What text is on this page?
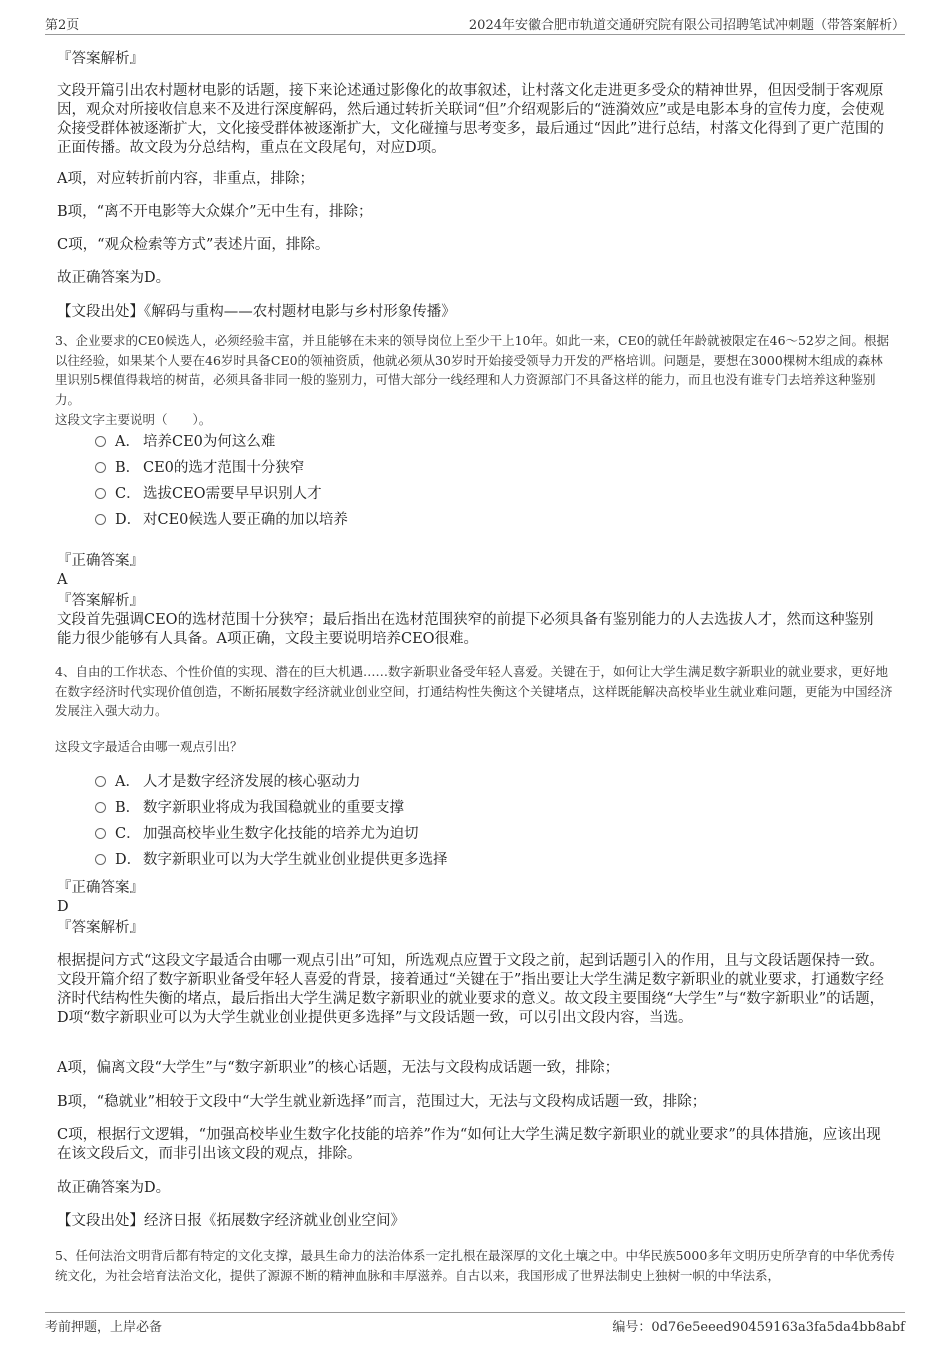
第2页	2024年安徽合肥市轨道交通研究院有限公司招聘笔试冲刺题（带答案解析）
『答案解析』
文段开篇引出农村题材电影的话题，接下来论述通过影像化的故事叙述，让村落文化走进更多受众的精神世界，但因受制于客观原因，观众对所接收信息来不及进行深度解码，然后通过转折关联词“但”介绍观影后的“涟漪效应”或是电影本身的宣传力度，会使观众接受群体被逐渐扩大，文化接受群体被逐渐扩大，文化碰撞与思考变多，最后通过“因此”进行总结，村落文化得到了更广范围的正面传播。故文段为分总结构，重点在文段尾句，对应D项。
A项，对应转折前内容，非重点，排除；
B项，“离不开电影等大众媒介”无中生有，排除；
C项，“观众检索等方式”表述片面，排除。
故正确答案为D。
【文段出处】《解码与重构——农村题材电影与乡村形象传播》
3、企业要求的CE0候选人，必须经验丰富，并且能够在未来的领导岗位上至少干上10年。如此一来，CE0的就任年龄就被限定在46～52岁之间。根据以往经验，如果某个人要在46岁时具备CE0的领袖资质，他就必须从30岁时开始接受领导力开发的严格培训。问题是，要想在3000棵树木组成的森林里识别5棵值得栽培的树苗，必须具备非同一般的鉴别力，可惜大部分一线经理和人力资源部门不具备这样的能力，而且也没有谁专门去培养这种鉴别力。
这段文字主要说明（　　）。
A． 培养CE0为何这么难
B． CE0的选才范围十分狭窄
C． 选拔CEO需要早早识别人才
D． 对CE0候选人要正确的加以培养
『正确答案』
A
『答案解析』
文段首先强调CEO的选材范围十分狭窄；最后指出在选材范围狭窄的前提下必须具备有鉴别能力的人去选拔人才，然而这种鉴别能力很少能够有人具备。A项正确，文段主要说明培养CEO很难。
4、自由的工作状态、个性价值的实现、潜在的巨大机遇……数字新职业备受年轻人喜爱。关键在于，如何让大学生满足数字新职业的就业要求，更好地在数字经济时代实现价值创造，不断拓展数字经济就业创业空间，打通结构性失衡这个关键堵点，这样既能解决高校毕业生就业难问题，更能为中国经济发展注入强大动力。
这段文字最适合由哪一观点引出？
A． 人才是数字经济发展的核心驱动力
B． 数字新职业将成为我国稳就业的重要支撑
C． 加强高校毕业生数字化技能的培养尤为迫切
D． 数字新职业可以为大学生就业创业提供更多选择
『正确答案』
D
『答案解析』
根据提问方式“这段文字最适合由哪一观点引出”可知，所选观点应置于文段之前，起到话题引入的作用，且与文段话题保持一致。文段开篇介绍了数字新职业备受年轻人喜爱的背景，接着通过“关键在于”指出要让大学生满足数字新职业的就业要求，打通数字经济时代结构性失衡的堵点，最后指出大学生满足数字新职业的就业要求的意义。故文段主要围绕“大学生”与“数字新职业”的话题，D项“数字新职业可以为大学生就业创业提供更多选择”与文段话题一致，可以引出文段内容，当选。
A项，偏离文段“大学生”与“数字新职业”的核心话题，无法与文段构成话题一致，排除；
B项，“稳就业”相较于文段中“大学生就业新选择”而言，范围过大，无法与文段构成话题一致，排除；
C项，根据行文逻辑，“加强高校毕业生数字化技能的培养”作为“如何让大学生满足数字新职业的就业要求”的具体措施，应该出现在该文段后文，而非引出该文段的观点，排除。
故正确答案为D。
【文段出处】经济日报《拓展数字经济就业创业空间》
5、任何法治文明背后都有特定的文化支撑，最具生命力的法治体系一定扎根在最深厚的文化土壤之中。中华民族5000多年文明历史所孕育的中华优秀传统文化，为社会培育法治文化，提供了源源不断的精神血脉和丰厚滋养。自古以来，我国形成了世界法制史上独树一帜的中华法系，
考前押题，上岸必备	编号：0d76e5eeed90459163a3fa5da4bb8abf
